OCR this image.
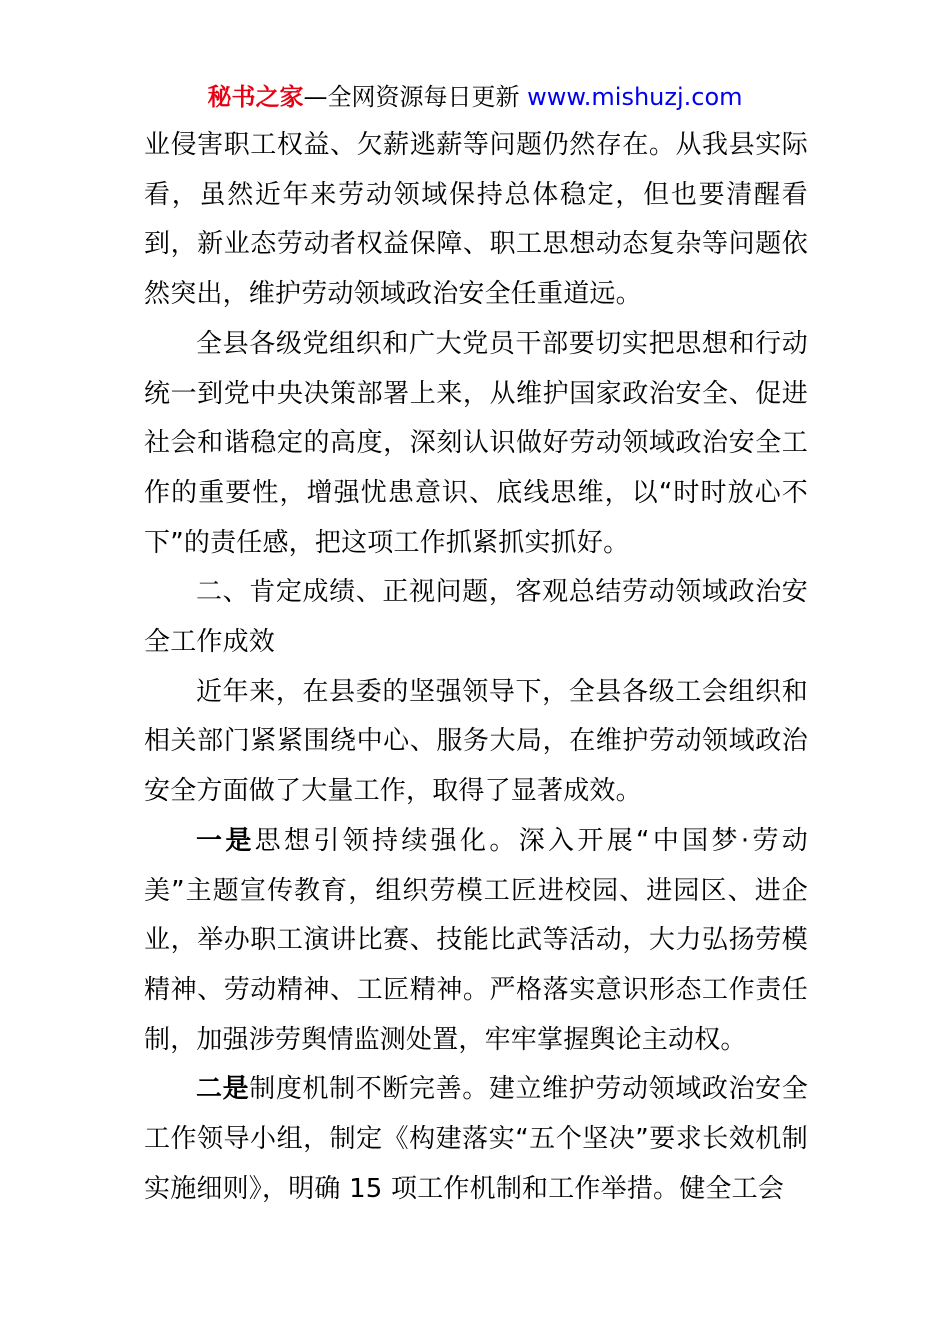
秘书之家—全网资源每日更新 www.mishuzj.com

业侵害职工权益、欠薪逃薪等问题仍然存在。从我县实际看，虽然近年来劳动领域保持总体稳定，但也要清醒看到，新业态劳动者权益保障、职工思想动态复杂等问题依然突出，维护劳动领域政治安全任重道远。

全县各级党组织和广大党员干部要切实把思想和行动统一到党中央决策部署上来，从维护国家政治安全、促进社会和谐稳定的高度，深刻认识做好劳动领域政治安全工作的重要性，增强忧患意识、底线思维，以“时时放心不下”的责任感，把这项工作抓紧抓实抓好。

二、肯定成绩、正视问题，客观总结劳动领域政治安全工作成效

近年来，在县委的坚强领导下，全县各级工会组织和相关部门紧紧围绕中心、服务大局，在维护劳动领域政治安全方面做了大量工作，取得了显著成效。

一是思想引领持续强化。深入开展“中国梦·劳动美”主题宣传教育，组织劳模工匠进校园、进园区、进企业，举办职工演讲比赛、技能比武等活动，大力弘扬劳模精神、劳动精神、工匠精神。严格落实意识形态工作责任制，加强涉劳舆情监测处置，牢牢掌握舆论主动权。

二是制度机制不断完善。建立维护劳动领域政治安全工作领导小组，制定《构建落实“五个坚决”要求长效机制实施细则》，明确 15 项工作机制和工作举措。健全工会
